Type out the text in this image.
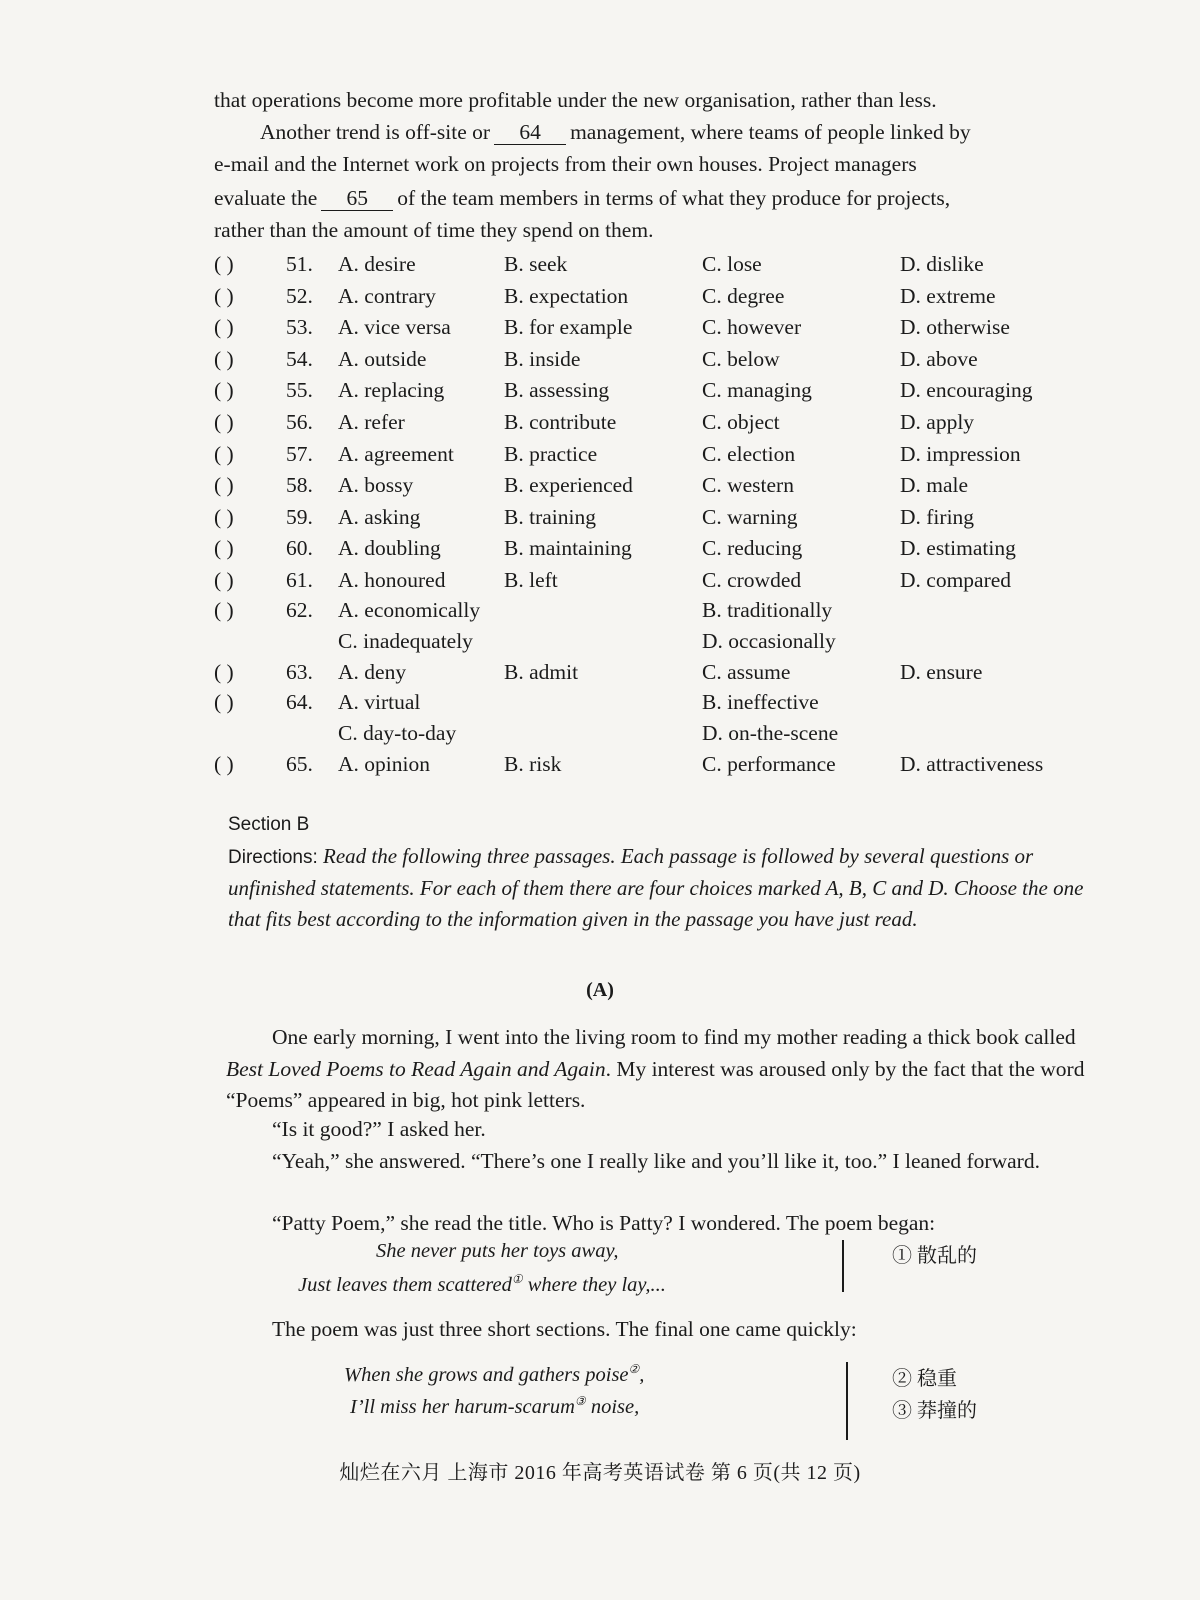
that operations become more profitable under the new organisation, rather than less.

Another trend is off-site or 64 management, where teams of people linked by

e-mail and the Internet work on projects from their own houses. Project managers

evaluate the 65 of the team members in terms of what they produce for projects,

rather than the amount of time they spend on them.

( ) 51. A. desire	B. seek	C. lose	D. dislike
( ) 52. A. contrary	B. expectation	C. degree	D. extreme
( ) 53. A. vice versa B. for example	C. however	D. otherwise
( ) 54. A. outside	B. inside	C. below	D. above
( ) 55. A. replacing	B. assessing	C. managing	D. encouraging
( ) 56. A. refer	B. contribute	C. object	D. apply
( ) 57. A. agreement B. practice	C. election	D. impression
( ) 58. A. bossy	B. experienced	C. western	D. male
( ) 59. A. asking	B. training	C. warning	D. firing
( ) 60. A. doubling	B. maintaining	C. reducing	D. estimating
( ) 61. A. honoured	B. left	C. crowded	D. compared
( ) 62. A. economically	B. traditionally
C. inadequately	D. occasionally
( ) 63. A. deny	B. admit	C. assume	D. ensure
( ) 64. A. virtual	B. ineffective
C. day-to-day	D. on-the-scene
( ) 65. A. opinion	B. risk	C. performance	D. attractiveness
Section B
Directions: Read the following three passages. Each passage is followed by several questions or unfinished statements. For each of them there are four choices marked A, B, C and D. Choose the one that fits best according to the information given in the passage you have just read.
(A)
One early morning, I went into the living room to find my mother reading a thick book called Best Loved Poems to Read Again and Again. My interest was aroused only by the fact that the word “Poems” appeared in big, hot pink letters.
“Is it good?” I asked her.
“Yeah,” she answered. “There’s one I really like and you’ll like it, too.” I leaned forward.
“Patty Poem,” she read the title. Who is Patty? I wondered. The poem began:
She never puts her toys away,
Just leaves them scattered① where they lay,...
① 散乱的
The poem was just three short sections. The final one came quickly:
When she grows and gathers poise②,
I’ll miss her harum-scarum③ noise,
② 稳重
③ 莽撞的
灿烂在六月 上海市 2016 年高考英语试卷 第 6 页(共 12 页)
